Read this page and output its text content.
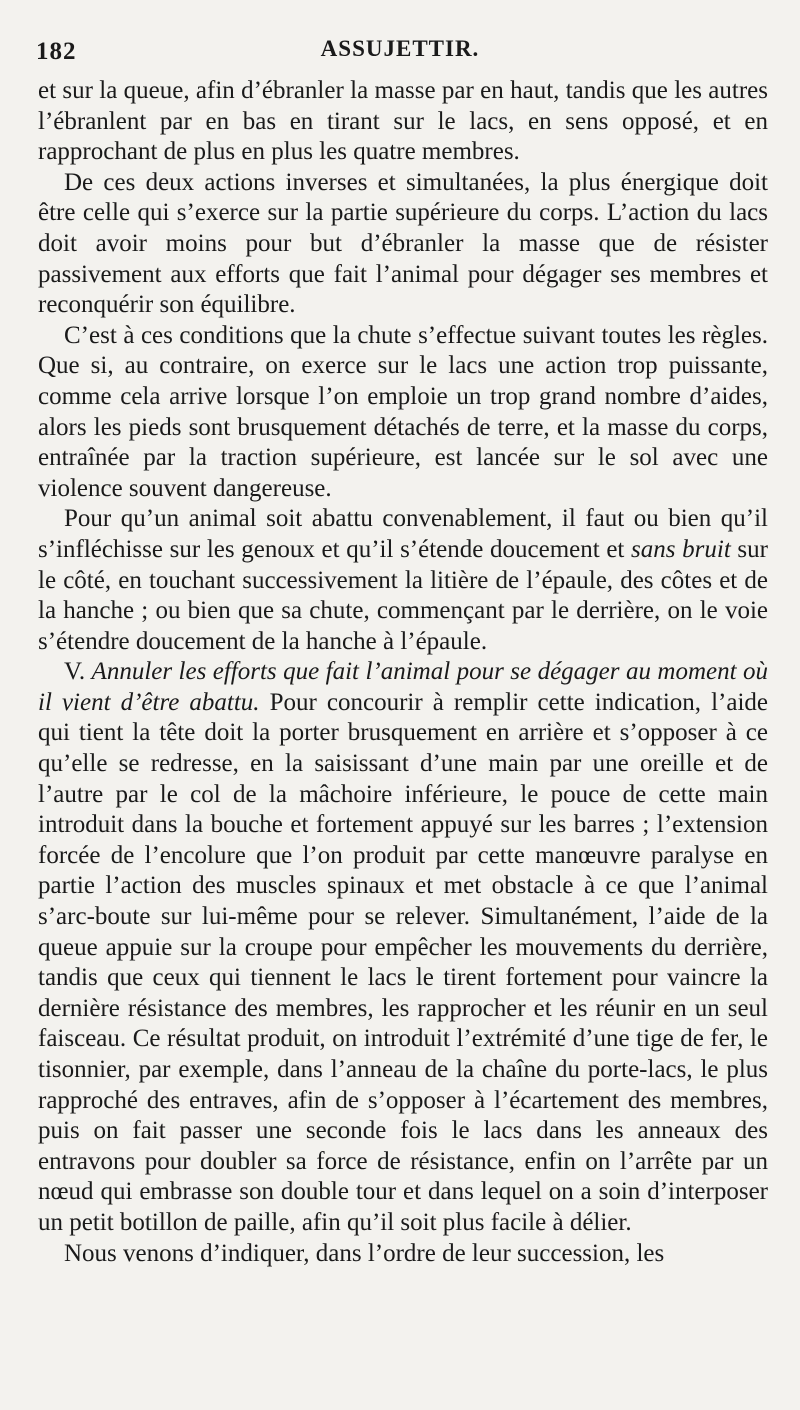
182	ASSUJETTIR.

et sur la queue, afin d’ébranler la masse par en haut, tandis que les autres l’ébranlent par en bas en tirant sur le lacs, en sens opposé, et en rapprochant de plus en plus les quatre membres.

De ces deux actions inverses et simultanées, la plus énergique doit être celle qui s’exerce sur la partie supérieure du corps. L’action du lacs doit avoir moins pour but d’ébranler la masse que de résister passivement aux efforts que fait l’animal pour dégager ses membres et reconquérir son équilibre.

C’est à ces conditions que la chute s’effectue suivant toutes les règles. Que si, au contraire, on exerce sur le lacs une action trop puissante, comme cela arrive lorsque l’on emploie un trop grand nombre d’aides, alors les pieds sont brusquement détachés de terre, et la masse du corps, entraînée par la traction supérieure, est lancée sur le sol avec une violence souvent dangereuse.

Pour qu’un animal soit abattu convenablement, il faut ou bien qu’il s’infléchisse sur les genoux et qu’il s’étende doucement et sans bruit sur le côté, en touchant successivement la litière de l’épaule, des côtes et de la hanche ; ou bien que sa chute, commençant par le derrière, on le voie s’étendre doucement de la hanche à l’épaule.

V. Annuler les efforts que fait l’animal pour se dégager au moment où il vient d’être abattu. Pour concourir à remplir cette indication, l’aide qui tient la tête doit la porter brusquement en arrière et s’opposer à ce qu’elle se redresse, en la saisissant d’une main par une oreille et de l’autre par le col de la mâchoire inférieure, le pouce de cette main introduit dans la bouche et fortement appuyé sur les barres ; l’extension forcée de l’encolure que l’on produit par cette manœuvre paralyse en partie l’action des muscles spinaux et met obstacle à ce que l’animal s’arc-boute sur lui-même pour se relever. Simultanément, l’aide de la queue appuie sur la croupe pour empêcher les mouvements du derrière, tandis que ceux qui tiennent le lacs le tirent fortement pour vaincre la dernière résistance des membres, les rapprocher et les réunir en un seul faisceau. Ce résultat produit, on introduit l’extrémité d’une tige de fer, le tisonnier, par exemple, dans l’anneau de la chaîne du porte-lacs, le plus rapproché des entraves, afin de s’opposer à l’écartement des membres, puis on fait passer une seconde fois le lacs dans les anneaux des entravons pour doubler sa force de résistance, enfin on l’arrête par un nœud qui embrasse son double tour et dans lequel on a soin d’interposer un petit botillon de paille, afin qu’il soit plus facile à délier.

Nous venons d’indiquer, dans l’ordre de leur succession, les
